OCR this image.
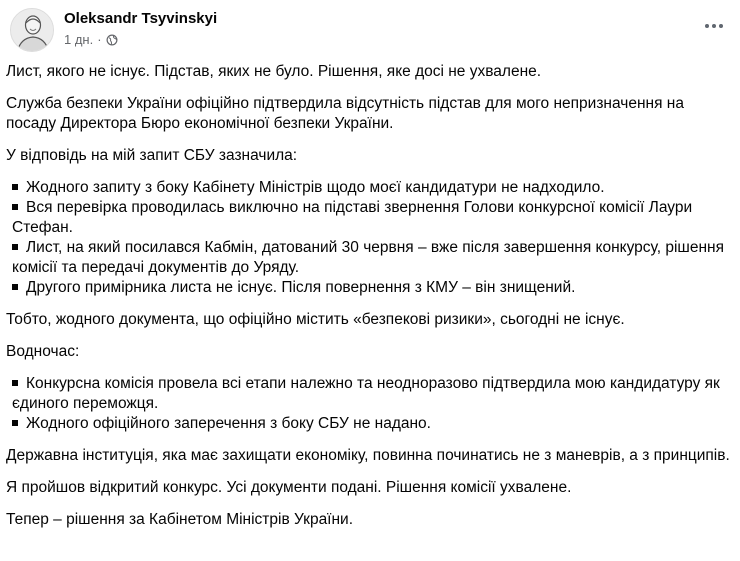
Oleksandr Tsyvinskyi
1 дн. ·

Лист, якого не існує. Підстав, яких не було. Рішення, яке досі не ухвалене.

Служба безпеки України офіційно підтвердила відсутність підстав для мого непризначення на посаду Директора Бюро економічної безпеки України.

У відповідь на мій запит СБУ зазначила:

Жодного запиту з боку Кабінету Міністрів щодо моєї кандидатури не надходило.
Вся перевірка проводилась виключно на підставі звернення Голови конкурсної комісії Лаури Стефан.
Лист, на який посилався Кабмін, датований 30 червня – вже після завершення конкурсу, рішення комісії та передачі документів до Уряду.
Другого примірника листа не існує. Після повернення з КМУ – він знищений.

Тобто, жодного документа, що офіційно містить «безпекові ризики», сьогодні не існує.

Водночас:

Конкурсна комісія провела всі етапи належно та неодноразово підтвердила мою кандидатуру як єдиного переможця.
Жодного офіційного заперечення з боку СБУ не надано.

Державна інституція, яка має захищати економіку, повинна починатись не з маневрів, а з принципів.

Я пройшов відкритий конкурс. Усі документи подані. Рішення комісії ухвалене.

Тепер – рішення за Кабінетом Міністрів України.
